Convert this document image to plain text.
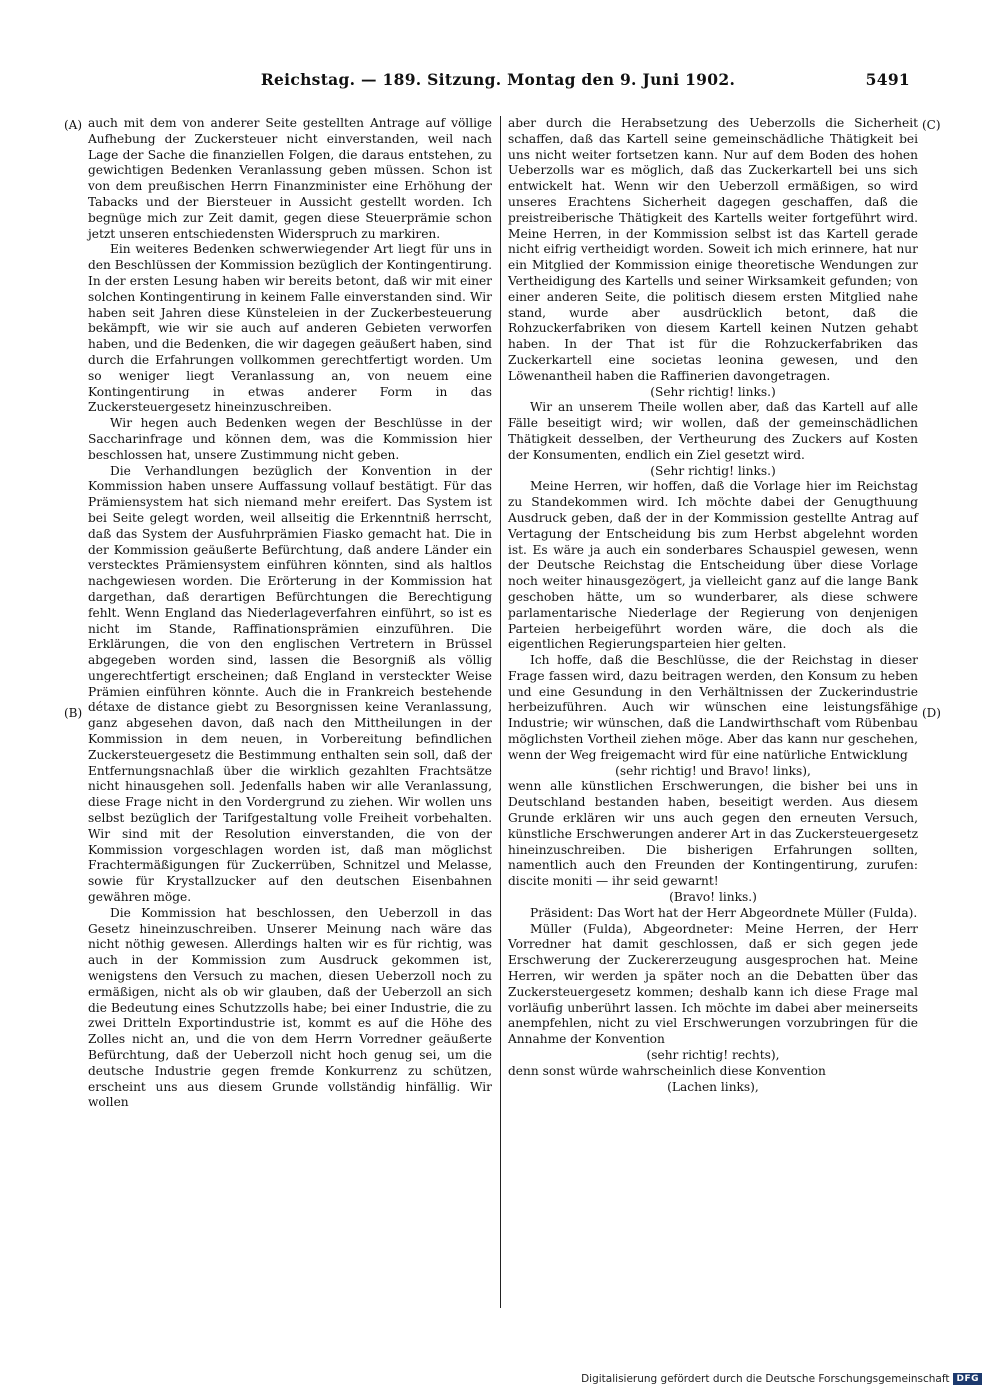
Reichstag. — 189. Sitzung. Montag den 9. Juni 1902.	5491
(A)
(B)
(C)
(D)

auch mit dem von anderer Seite gestellten Antrage auf völlige Aufhebung der Zuckersteuer nicht einverstanden, weil nach Lage der Sache die finanziellen Folgen, die daraus entstehen, zu gewichtigen Bedenken Veranlassung geben müssen. Schon ist von dem preußischen Herrn Finanzminister eine Erhöhung der Tabacks und der Biersteuer in Aussicht gestellt worden. Ich begnüge mich zur Zeit damit, gegen diese Steuerprämie schon jetzt unseren entschiedensten Widerspruch zu markiren.

Ein weiteres Bedenken schwerwiegender Art liegt für uns in den Beschlüssen der Kommission bezüglich der Kontingentirung. In der ersten Lesung haben wir bereits betont, daß wir mit einer solchen Kontingentirung in keinem Falle einverstanden sind. Wir haben seit Jahren diese Künsteleien in der Zuckerbesteuerung bekämpft, wie wir sie auch auf anderen Gebieten verworfen haben, und die Bedenken, die wir dagegen geäußert haben, sind durch die Erfahrungen vollkommen gerechtfertigt worden. Um so weniger liegt Veranlassung an, von neuem eine Kontingentirung in etwas anderer Form in das Zuckersteuergesetz hineinzuschreiben.

Wir hegen auch Bedenken wegen der Beschlüsse in der Saccharinfrage und können dem, was die Kommission hier beschlossen hat, unsere Zustimmung nicht geben.

Die Verhandlungen bezüglich der Konvention in der Kommission haben unsere Auffassung vollauf bestätigt. Für das Prämiensystem hat sich niemand mehr ereifert. Das System ist bei Seite gelegt worden, weil allseitig die Erkenntniß herrscht, daß das System der Ausfuhrprämien Fiasko gemacht hat. Die in der Kommission geäußerte Befürchtung, daß andere Länder ein verstecktes Prämiensystem einführen könnten, sind als haltlos nachgewiesen worden. Die Erörterung in der Kommission hat dargethan, daß derartigen Befürchtungen die Berechtigung fehlt. Wenn England das Niederlageverfahren einführt, so ist es nicht im Stande, Raffinationsprämien einzuführen. Die Erklärungen, die von den englischen Vertretern in Brüssel abgegeben worden sind, lassen die Besorgniß als völlig ungerechtfertigt erscheinen; daß England in versteckter Weise Prämien einführen könnte. Auch die in Frankreich bestehende détaxe de distance giebt zu Besorgnissen keine Veranlassung, ganz abgesehen davon, daß nach den Mittheilungen in der Kommission in dem neuen, in Vorbereitung befindlichen Zuckersteuergesetz die Bestimmung enthalten sein soll, daß der Entfernungsnachlaß über die wirklich gezahlten Frachtsätze nicht hinausgehen soll. Jedenfalls haben wir alle Veranlassung, diese Frage nicht in den Vordergrund zu ziehen. Wir wollen uns selbst bezüglich der Tarifgestaltung volle Freiheit vorbehalten. Wir sind mit der Resolution einverstanden, die von der Kommission vorgeschlagen worden ist, daß man möglichst Frachtermäßigungen für Zuckerrüben, Schnitzel und Melasse, sowie für Krystallzucker auf den deutschen Eisenbahnen gewähren möge.

Die Kommission hat beschlossen, den Ueberzoll in das Gesetz hineinzuschreiben. Unserer Meinung nach wäre das nicht nöthig gewesen. Allerdings halten wir es für richtig, was auch in der Kommission zum Ausdruck gekommen ist, wenigstens den Versuch zu machen, diesen Ueberzoll noch zu ermäßigen, nicht als ob wir glauben, daß der Ueberzoll an sich die Bedeutung eines Schutzzolls habe; bei einer Industrie, die zu zwei Dritteln Exportindustrie ist, kommt es auf die Höhe des Zolles nicht an, und die von dem Herrn Vorredner geäußerte Befürchtung, daß der Ueberzoll nicht hoch genug sei, um die deutsche Industrie gegen fremde Konkurrenz zu schützen, erscheint uns aus diesem Grunde vollständig hinfällig. Wir wollen

aber durch die Herabsetzung des Ueberzolls die Sicherheit schaffen, daß das Kartell seine gemeinschädliche Thätigkeit bei uns nicht weiter fortsetzen kann. Nur auf dem Boden des hohen Ueberzolls war es möglich, daß das Zuckerkartell bei uns sich entwickelt hat. Wenn wir den Ueberzoll ermäßigen, so wird unseres Erachtens Sicherheit dagegen geschaffen, daß die preistreiberische Thätigkeit des Kartells weiter fortgeführt wird. Meine Herren, in der Kommission selbst ist das Kartell gerade nicht eifrig vertheidigt worden. Soweit ich mich erinnere, hat nur ein Mitglied der Kommission einige theoretische Wendungen zur Vertheidigung des Kartells und seiner Wirksamkeit gefunden; von einer anderen Seite, die politisch diesem ersten Mitglied nahe stand, wurde aber ausdrücklich betont, daß die Rohzuckerfabriken von diesem Kartell keinen Nutzen gehabt haben. In der That ist für die Rohzuckerfabriken das Zuckerkartell eine societas leonina gewesen, und den Löwenantheil haben die Raffinerien davongetragen.

(Sehr richtig! links.)

Wir an unserem Theile wollen aber, daß das Kartell auf alle Fälle beseitigt wird; wir wollen, daß der gemeinschädlichen Thätigkeit desselben, der Vertheurung des Zuckers auf Kosten der Konsumenten, endlich ein Ziel gesetzt wird.

(Sehr richtig! links.)

Meine Herren, wir hoffen, daß die Vorlage hier im Reichstag zu Standekommen wird. Ich möchte dabei der Genugthuung Ausdruck geben, daß der in der Kommission gestellte Antrag auf Vertagung der Entscheidung bis zum Herbst abgelehnt worden ist. Es wäre ja auch ein sonderbares Schauspiel gewesen, wenn der Deutsche Reichstag die Entscheidung über diese Vorlage noch weiter hinausgezögert, ja vielleicht ganz auf die lange Bank geschoben hätte, um so wunderbarer, als diese schwere parlamentarische Niederlage der Regierung von denjenigen Parteien herbeigeführt worden wäre, die doch als die eigentlichen Regierungsparteien hier gelten.

Ich hoffe, daß die Beschlüsse, die der Reichstag in dieser Frage fassen wird, dazu beitragen werden, den Konsum zu heben und eine Gesundung in den Verhältnissen der Zuckerindustrie herbeizuführen. Auch wir wünschen eine leistungsfähige Industrie; wir wünschen, daß die Landwirthschaft vom Rübenbau möglichsten Vortheil ziehen möge. Aber das kann nur geschehen, wenn der Weg freigemacht wird für eine natürliche Entwicklung

(sehr richtig! und Bravo! links),

wenn alle künstlichen Erschwerungen, die bisher bei uns in Deutschland bestanden haben, beseitigt werden. Aus diesem Grunde erklären wir uns auch gegen den erneuten Versuch, künstliche Erschwerungen anderer Art in das Zuckersteuergesetz hineinzuschreiben. Die bisherigen Erfahrungen sollten, namentlich auch den Freunden der Kontingentirung, zurufen: discite moniti — ihr seid gewarnt!

(Bravo! links.)

Präsident: Das Wort hat der Herr Abgeordnete Müller (Fulda).

Müller (Fulda), Abgeordneter: Meine Herren, der Herr Vorredner hat damit geschlossen, daß er sich gegen jede Erschwerung der Zuckererzeugung ausgesprochen hat. Meine Herren, wir werden ja später noch an die Debatten über das Zuckersteuergesetz kommen; deshalb kann ich diese Frage mal vorläufig unberührt lassen. Ich möchte im dabei aber meinerseits anempfehlen, nicht zu viel Erschwerungen vorzubringen für die Annahme der Konvention

(sehr richtig! rechts),

denn sonst würde wahrscheinlich diese Konvention

(Lachen links),

Digitalisierung gefördert durch die Deutsche Forschungsgemeinschaft DFG
